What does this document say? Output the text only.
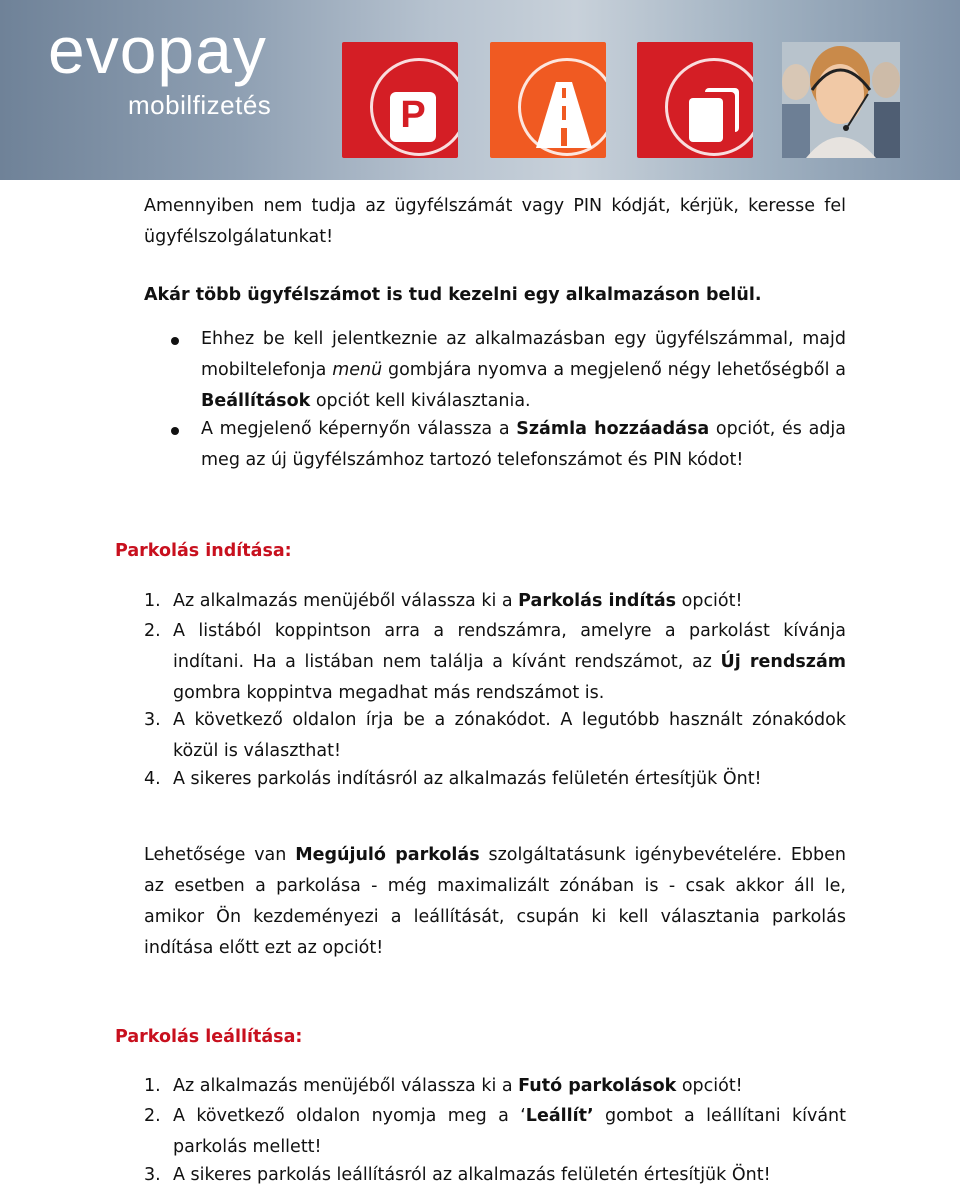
evopay
mobilfizetés	P
Amennyiben nem tudja az ügyfélszámát vagy PIN kódját, kérjük, keresse fel ügyfélszolgálatunkat!
Akár több ügyfélszámot is tud kezelni egy alkalmazáson belül.
Ehhez be kell jelentkeznie az alkalmazásban egy ügyfélszámmal, majd mobiltelefonja menü gombjára nyomva a megjelenő négy lehetőségből a Beállítások opciót kell kiválasztania.
A megjelenő képernyőn válassza a Számla hozzáadása opciót, és adja meg az új ügyfélszámhoz tartozó telefonszámot és PIN kódot!
Parkolás indítása:
1. Az alkalmazás menüjéből válassza ki a Parkolás indítás opciót!
2. A listából koppintson arra a rendszámra, amelyre a parkolást kívánja indítani. Ha a listában nem találja a kívánt rendszámot, az Új rendszám gombra koppintva megadhat más rendszámot is.
3. A következő oldalon írja be a zónakódot. A legutóbb használt zónakódok közül is választhat!
4. A sikeres parkolás indításról az alkalmazás felületén értesítjük Önt!
Lehetősége van Megújuló parkolás szolgáltatásunk igénybevételére. Ebben az esetben a parkolása - még maximalizált zónában is - csak akkor áll le, amikor Ön kezdeményezi a leállítását, csupán ki kell választania parkolás indítása előtt ezt az opciót!
Parkolás leállítása:
1. Az alkalmazás menüjéből válassza ki a Futó parkolások opciót!
2. A következő oldalon nyomja meg a ‘Leállít’ gombot a leállítani kívánt parkolás mellett!
3. A sikeres parkolás leállításról az alkalmazás felületén értesítjük Önt!
